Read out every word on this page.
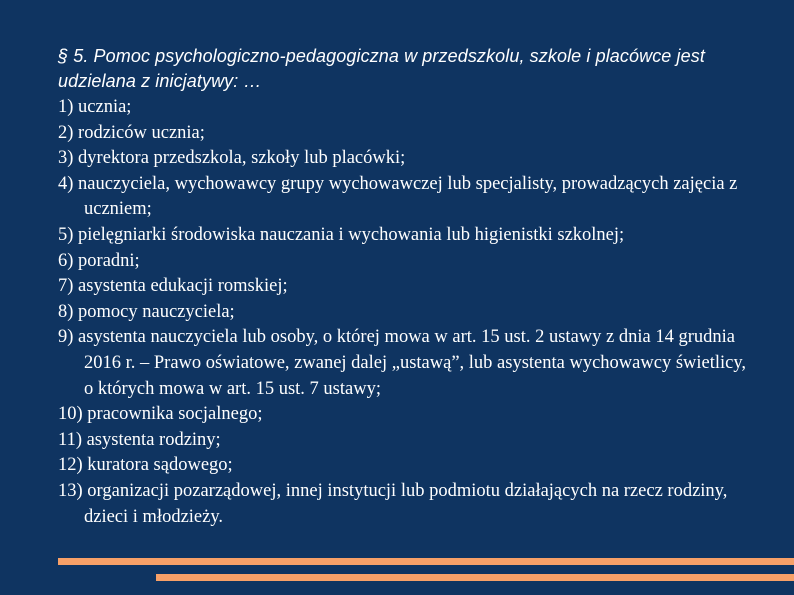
§ 5. Pomoc psychologiczno-pedagogiczna w przedszkolu, szkole i placówce jest udzielana z inicjatywy: …

1) ucznia;

2) rodziców ucznia;

3) dyrektora przedszkola, szkoły lub placówki;

4) nauczyciela, wychowawcy grupy wychowawczej lub specjalisty, prowadzących zajęcia z uczniem;

5) pielęgniarki środowiska nauczania i wychowania lub higienistki szkolnej;

6) poradni;

7) asystenta edukacji romskiej;

8) pomocy nauczyciela;

9) asystenta nauczyciela lub osoby, o której mowa w art. 15 ust. 2 ustawy z dnia 14 grudnia 2016 r. – Prawo oświatowe, zwanej dalej „ustawą”, lub asystenta wychowawcy świetlicy, o których mowa w art. 15 ust. 7 ustawy;

10) pracownika socjalnego;

11) asystenta rodziny;

12) kuratora sądowego;

13) organizacji pozarządowej, innej instytucji lub podmiotu działających na rzecz rodziny, dzieci i młodzieży.
